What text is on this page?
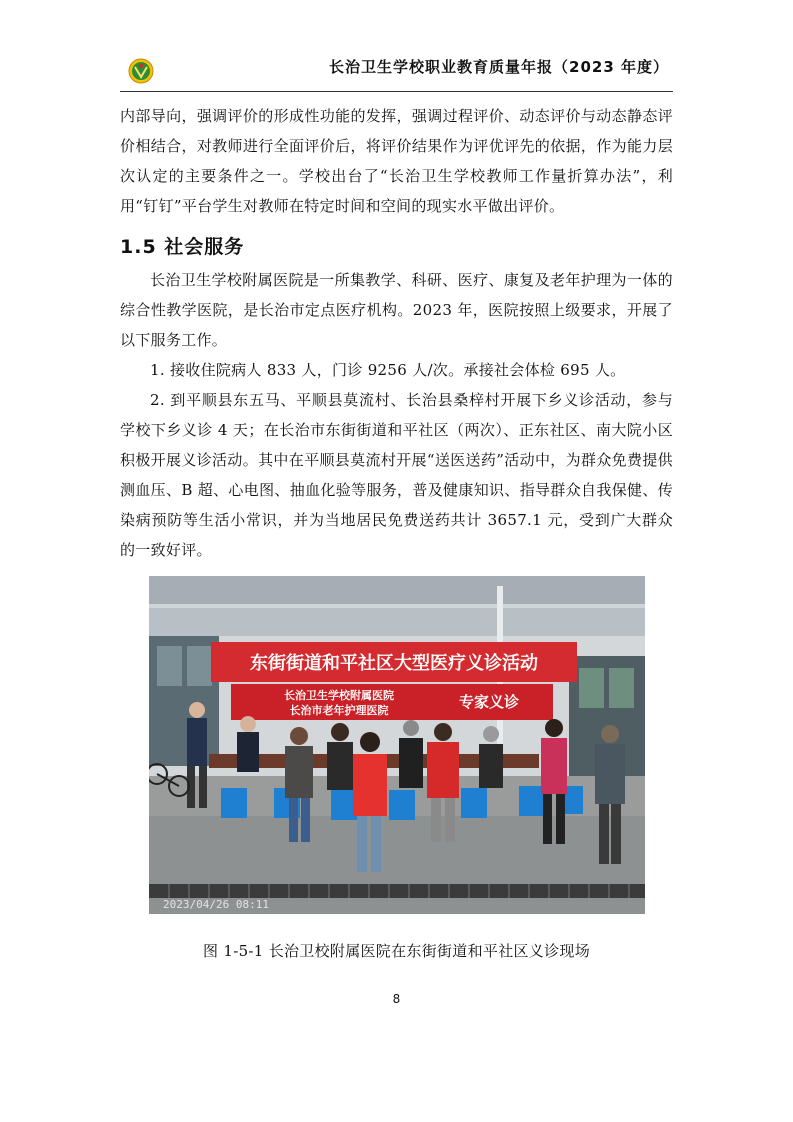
长治卫生学校职业教育质量年报（2023 年度）

内部导向，强调评价的形成性功能的发挥，强调过程评价、动态评价与动态静态评价相结合，对教师进行全面评价后，将评价结果作为评优评先的依据，作为能力层次认定的主要条件之一。学校出台了“长治卫生学校教师工作量折算办法”，利用“钉钉”平台学生对教师在特定时间和空间的现实水平做出评价。

1.5 社会服务

长治卫生学校附属医院是一所集教学、科研、医疗、康复及老年护理为一体的综合性教学医院，是长治市定点医疗机构。2023 年，医院按照上级要求，开展了以下服务工作。

1. 接收住院病人 833 人，门诊 9256 人/次。承接社会体检 695 人。

2. 到平顺县东五马、平顺县莫流村、长治县桑梓村开展下乡义诊活动，参与学校下乡义诊 4 天；在长治市东街街道和平社区（两次）、正东社区、南大院小区积极开展义诊活动。其中在平顺县莫流村开展“送医送药”活动中，为群众免费提供测血压、B 超、心电图、抽血化验等服务，普及健康知识、指导群众自我保健、传染病预防等生活小常识，并为当地居民免费送药共计 3657.1 元，受到广大群众的一致好评。

东街街道和平社区大型医疗义诊活动
长治卫生学校附属医院
长治市老年护理医院	专家义诊
2023/04/26 08:11
图 1-5-1 长治卫校附属医院在东街街道和平社区义诊现场
8
